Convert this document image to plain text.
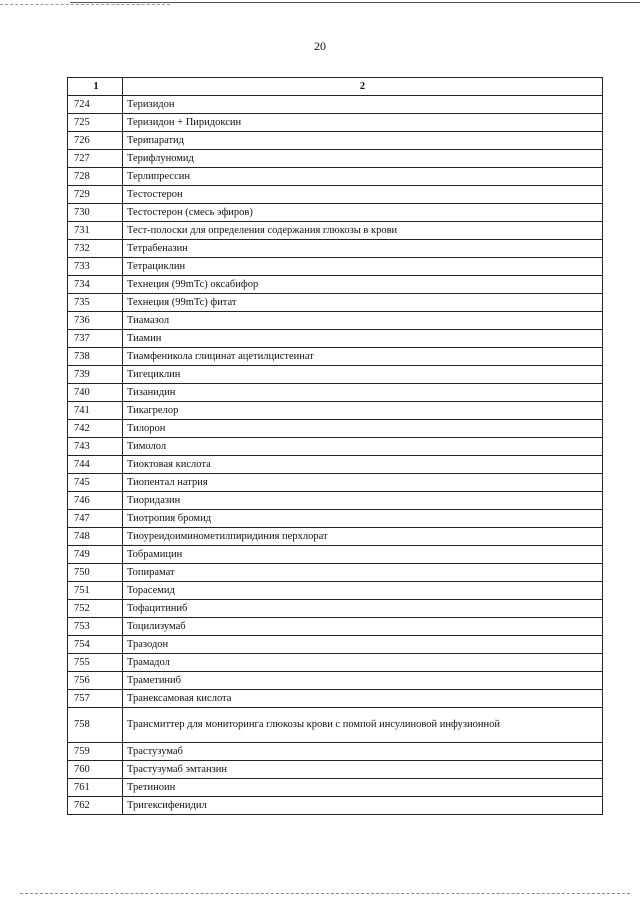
20
1	2
724	Теризидон
725	Теризидон + Пиридоксин
726	Терипаратид
727	Терифлуномид
728	Терлипрессин
729	Тестостерон
730	Тестостерон (смесь эфиров)
731	Тест-полоски для определения содержания глюкозы в крови
732	Тетрабеназин
733	Тетрациклин
734	Технеция (99mTc) оксабифор
735	Технеция (99mTc) фитат
736	Тиамазол
737	Тиамин
738	Тиамфеникола глицинат ацетилцистеинат
739	Тигециклин
740	Тизанидин
741	Тикагрелор
742	Тилорон
743	Тимолол
744	Тиоктовая кислота
745	Тиопентал натрия
746	Тиоридазин
747	Тиотропия бромид
748	Тиоуреидоиминометилпиридиния перхлорат
749	Тобрамицин
750	Топирамат
751	Торасемид
752	Тофацитиниб
753	Тоцилизумаб
754	Тразодон
755	Трамадол
756	Траметиниб
757	Транексамовая кислота
758	Трансмиттер для мониторинга глюкозы крови с помпой инсулиновой инфузионной
759	Трастузумаб
760	Трастузумаб эмтанзин
761	Третиноин
762	Тригексифенидил
